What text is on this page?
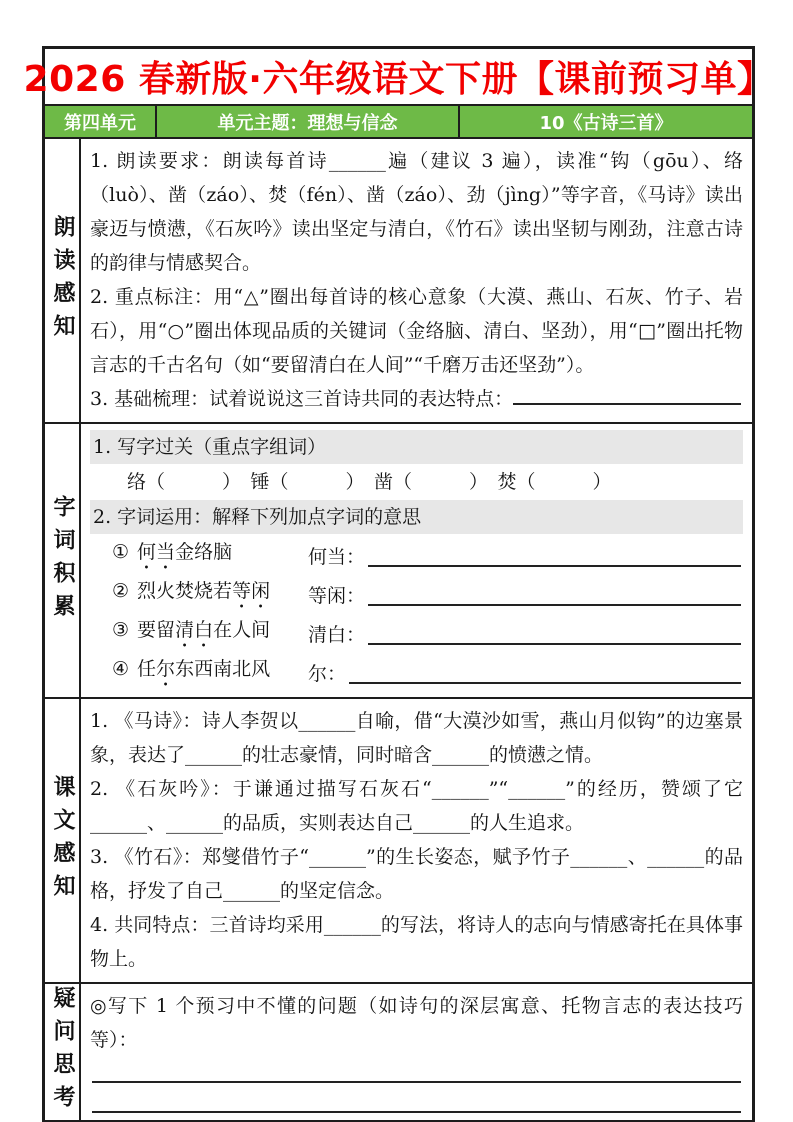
2026 春新版·六年级语文下册【课前预习单】
第四单元	单元主题：理想与信念	10《古诗三首》
朗读感知
1. 朗读要求：朗读每首诗______遍（建议 3 遍），读准“钩（gōu）、络（luò）、凿（záo）、焚（fén）、凿（záo）、劲（jìng）”等字音，《马诗》读出豪迈与愤懑，《石灰吟》读出坚定与清白，《竹石》读出坚韧与刚劲，注意古诗的韵律与情感契合。
2. 重点标注：用“△”圈出每首诗的核心意象（大漠、燕山、石灰、竹子、岩石），用“○”圈出体现品质的关键词（金络脑、清白、坚劲），用“□”圈出托物言志的千古名句（如“要留清白在人间”“千磨万击还坚劲”）。
3. 基础梳理：试着说说这三首诗共同的表达特点：
字词积累
1. 写字过关（重点字组词）
络（　　　）　锤（　　　）　凿（　　　）　焚（　　　）
2. 字词运用：解释下列加点字词的意思
① 何当金络脑	何当：
② 烈火焚烧若等闲	等闲：
③ 要留清白在人间	清白：
④ 任尔东西南北风	尔：
课文感知
1. 《马诗》：诗人李贺以______自喻，借“大漠沙如雪，燕山月似钩”的边塞景象，表达了______的壮志豪情，同时暗含______的愤懑之情。
2. 《石灰吟》：于谦通过描写石灰石“______”“______”的经历，赞颂了它______、______的品质，实则表达自己______的人生追求。
3. 《竹石》：郑燮借竹子“______”的生长姿态，赋予竹子______、______的品格，抒发了自己______的坚定信念。
4. 共同特点：三首诗均采用______的写法，将诗人的志向与情感寄托在具体事物上。
疑问思考 ◎写下 1 个预习中不懂的问题（如诗句的深层寓意、托物言志的表达技巧等）：
